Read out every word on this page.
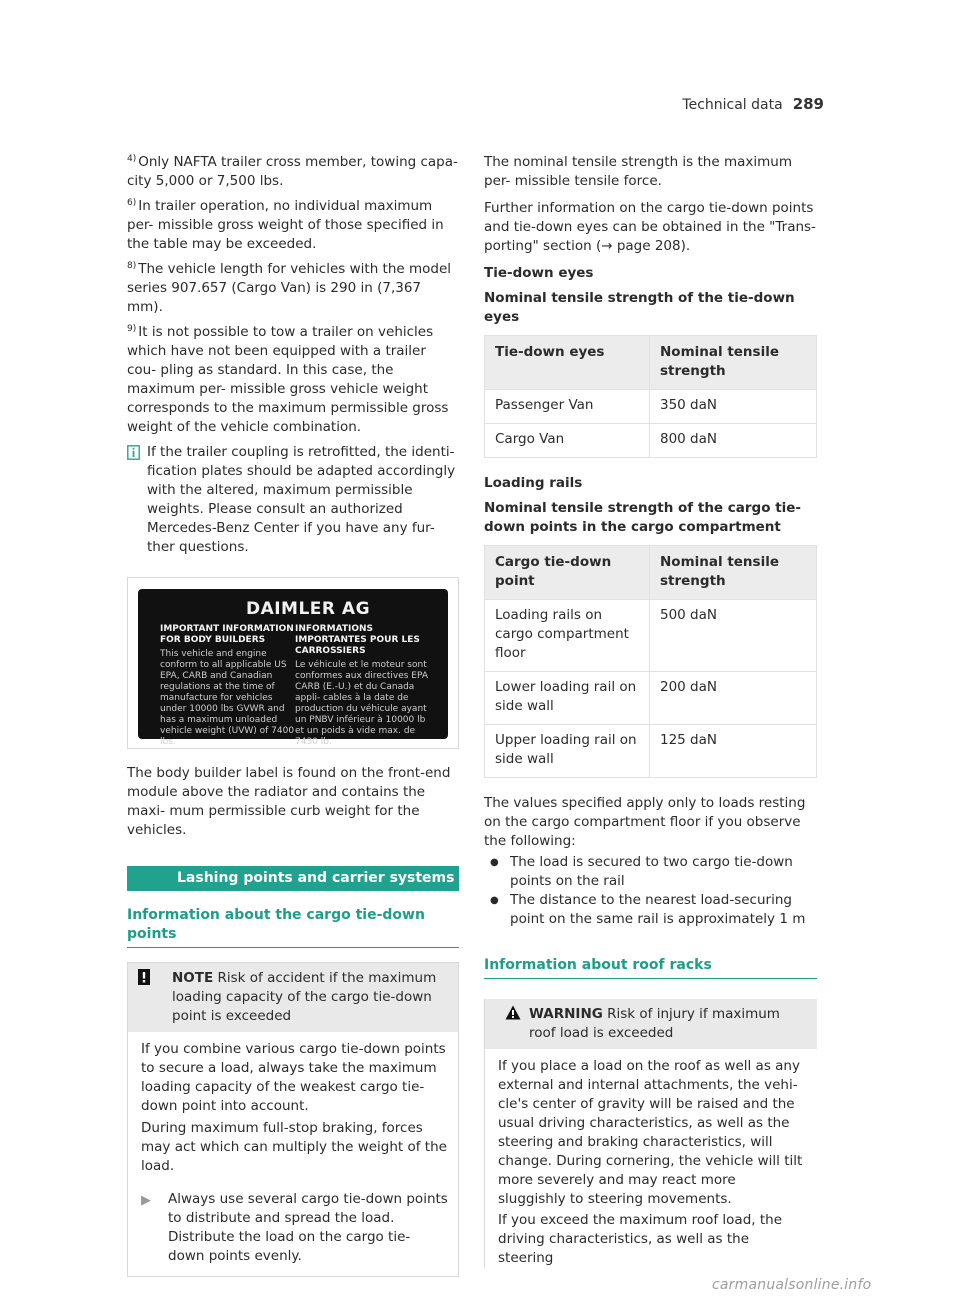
Technical data 289
$^{4)}$ Only NAFTA trailer cross member, towing capa- city 5,000 or 7,500 lbs.
$^{6)}$ In trailer operation, no individual maximum per- missible gross weight of those specified in the table may be exceeded.
$^{8)}$ The vehicle length for vehicles with the model series 907.657 (Cargo Van) is 290 in (7,367 mm).
$^{9)}$ It is not possible to tow a trailer on vehicles which have not been equipped with a trailer cou- pling as standard. In this case, the maximum per- missible gross vehicle weight corresponds to the maximum permissible gross weight of the vehicle combination.
If the trailer coupling is retrofitted, the identi- fication plates should be adapted accordingly with the altered, maximum permissible weights. Please consult an authorized Mercedes-Benz Center if you have any fur- ther questions.
DAIMLER AG
IMPORTANT INFORMATION FOR BODY BUILDERS
This vehicle and engine conform to all applicable US EPA, CARB and Canadian regulations at the time of manufacture for vehicles under 10000 lbs GVWR and has a maximum unloaded vehicle weight (UVW) of 7400 lbs.
INFORMATIONS IMPORTANTES POUR LES CARROSSIERS
Le véhicule et le moteur sont conformes aux directives EPA CARB (E.-U.) et du Canada appli- cables à la date de production du véhicule ayant un PNBV inférieur à 10000 lb et un poids à vide max. de 7430 lb.

The body builder label is found on the front-end module above the radiator and contains the maxi- mum permissible curb weight for the vehicles.

Lashing points and carrier systems
Information about the cargo tie-down points
NOTE Risk of accident if the maximum loading capacity of the cargo tie-down point is exceeded

If you combine various cargo tie-down points to secure a load, always take the maximum loading capacity of the weakest cargo tie- down point into account.

During maximum full-stop braking, forces may act which can multiply the weight of the load.

▶	Always use several cargo tie-down points to distribute and spread the load. Distribute the load on the cargo tie- down points evenly.

The nominal tensile strength is the maximum per- missible tensile force.

Further information on the cargo tie-down points and tie-down eyes can be obtained in the "Trans- porting" section (→ page 208).

Tie-down eyes
Nominal tensile strength of the tie-down eyes
Tie-down eyes	Nominal tensile strength
Passenger Van	350 daN
Cargo Van	800 daN
Loading rails
Nominal tensile strength of the cargo tie- down points in the cargo compartment
Cargo tie-down point	Nominal tensile strength
Loading rails on cargo compartment floor	500 daN
Lower loading rail on side wall	200 daN
Upper loading rail on side wall	125 daN

The values specified apply only to loads resting on the cargo compartment floor if you observe the following:

● The load is secured to two cargo tie-down points on the rail
● The distance to the nearest load-securing point on the same rail is approximately 1 m
Information about roof racks
WARNING Risk of injury if maximum roof load is exceeded

If you place a load on the roof as well as any external and internal attachments, the vehi- cle's center of gravity will be raised and the usual driving characteristics, as well as the steering and braking characteristics, will change. During cornering, the vehicle will tilt more severely and may react more sluggishly to steering movements.

If you exceed the maximum roof load, the driving characteristics, as well as the steering

carmanualsonline.info
